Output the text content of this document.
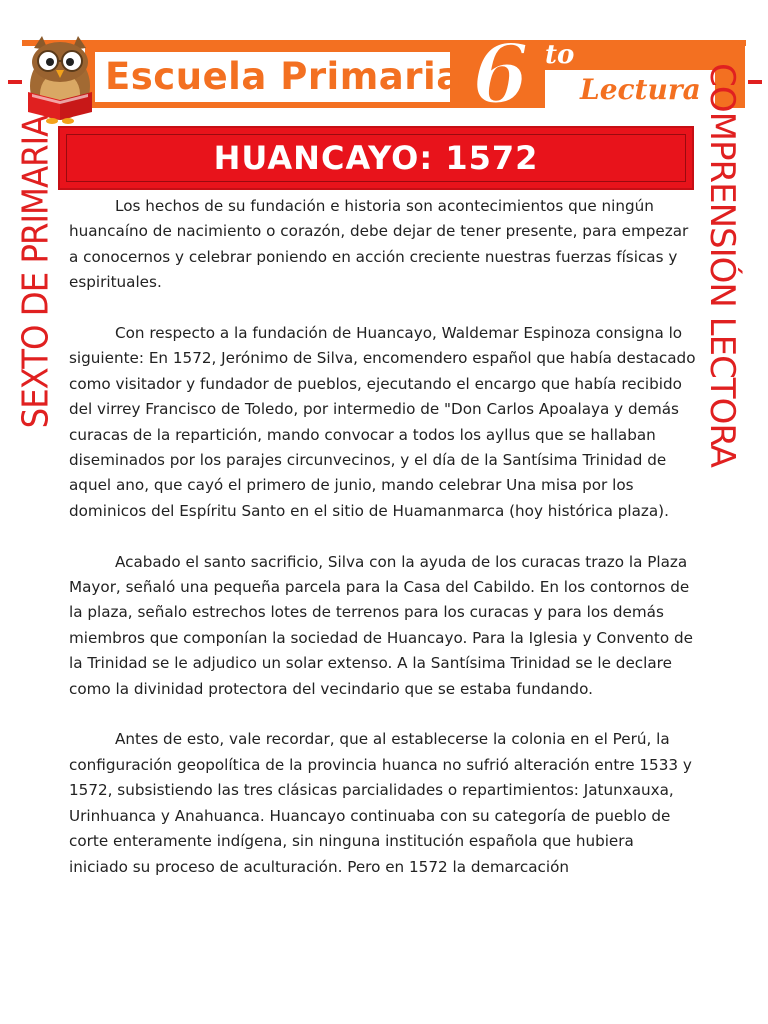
Escuela Primaria 6 to
Lectura
HUANCAYO: 1572
SEXTO DE PRIMARIA	COMPRENSIÓN LECTORA

Los hechos de su fundación e historia son acontecimientos que ningún huancaíno de nacimiento o corazón, debe dejar de tener presente, para empezar a conocernos y celebrar poniendo en acción creciente nuestras fuerzas físicas y espirituales.

Con respecto a la fundación de Huancayo, Waldemar Espinoza consigna lo siguiente: En 1572, Jerónimo de Silva, encomendero español que había destacado como visitador y fundador de pueblos, ejecutando el encargo que había recibido del virrey Francisco de Toledo, por intermedio de "Don Carlos Apoalaya y demás curacas de la repartición, mando convocar a todos los ayllus que se hallaban diseminados por los parajes circunvecinos, y el día de la Santísima Trinidad de aquel ano, que cayó el primero de junio, mando celebrar Una misa por los dominicos del Espíritu Santo en el sitio de Huamanmarca (hoy histórica plaza).

Acabado el santo sacrificio, Silva con la ayuda de los curacas trazo la Plaza Mayor, señaló una pequeña parcela para la Casa del Cabildo. En los contornos de la plaza, señalo estrechos lotes de terrenos para los curacas y para los demás miembros que componían la sociedad de Huancayo. Para la Iglesia y Convento de la Trinidad se le adjudico un solar extenso. A la Santísima Trinidad se le declare como la divinidad protectora del vecindario que se estaba fundando.

Antes de esto, vale recordar, que al establecerse la colonia en el Perú, la configuración geopolítica de la provincia huanca no sufrió alteración entre 1533 y 1572, subsistiendo las tres clásicas parcialidades o repartimientos: Jatunxauxa, Urinhuanca y Anahuanca. Huancayo continuaba con su categoría de pueblo de corte enteramente indígena, sin ninguna institución española que hubiera iniciado su proceso de aculturación. Pero en 1572 la demarcación
